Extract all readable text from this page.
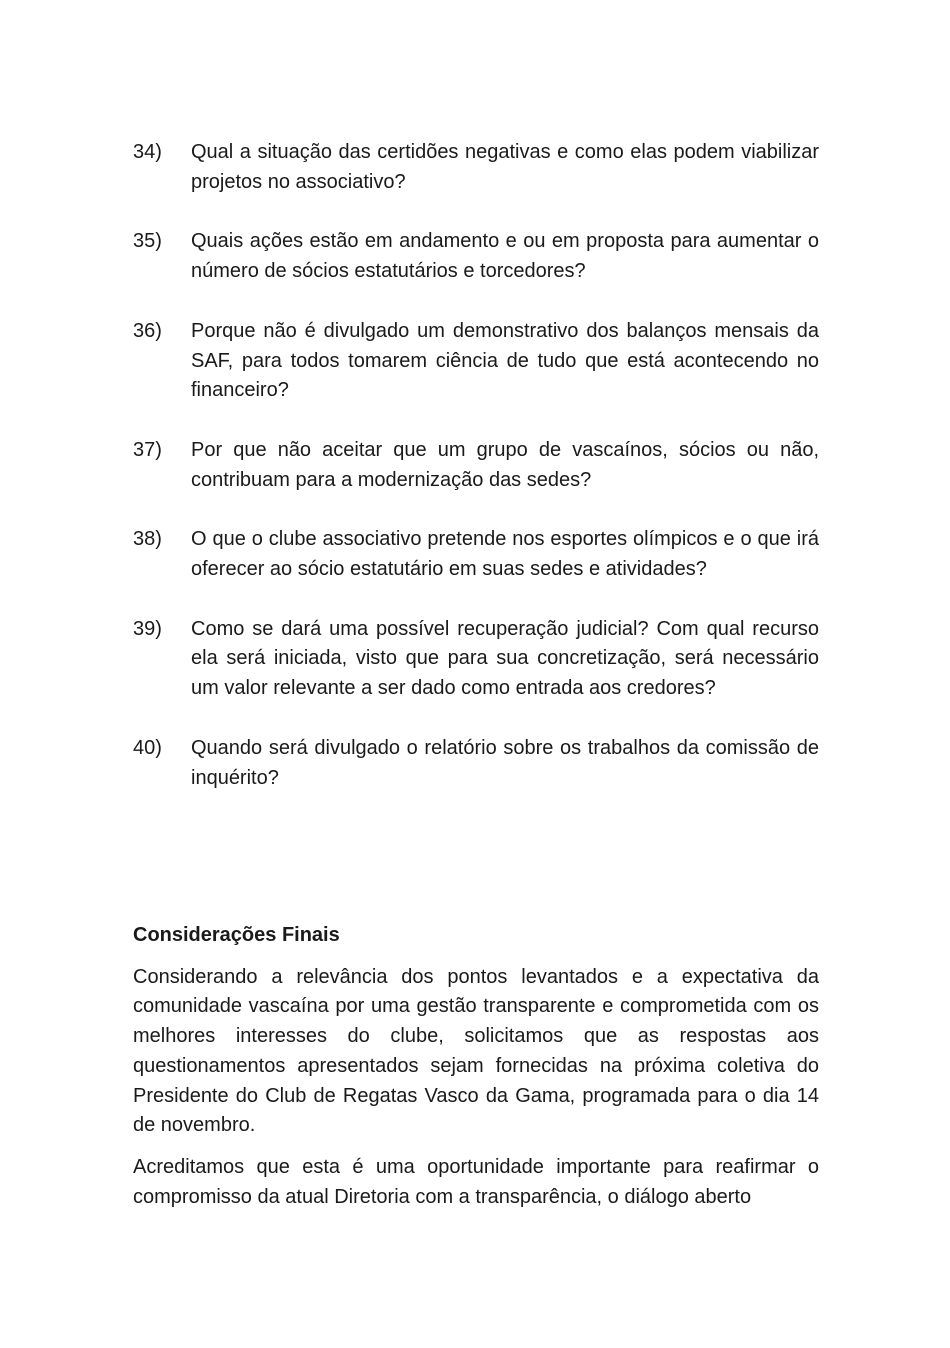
34)	Qual a situação das certidões negativas e como elas podem viabilizar projetos no associativo?
35)	Quais ações estão em andamento e ou em proposta para aumentar o número de sócios estatutários e torcedores?
36)	Porque não é divulgado um demonstrativo dos balanços mensais da SAF, para todos tomarem ciência de tudo que está acontecendo no financeiro?
37)	Por que não aceitar que um grupo de vascaínos, sócios ou não, contribuam para a modernização das sedes?
38)	O que o clube associativo pretende nos esportes olímpicos e o que irá oferecer ao sócio estatutário em suas sedes e atividades?
39)	Como se dará uma possível recuperação judicial? Com qual recurso ela será iniciada, visto que para sua concretização, será necessário um valor relevante a ser dado como entrada aos credores?
40)	Quando será divulgado o relatório sobre os trabalhos da comissão de inquérito?
Considerações Finais

Considerando a relevância dos pontos levantados e a expectativa da comunidade vascaína por uma gestão transparente e comprometida com os melhores interesses do clube, solicitamos que as respostas aos questionamentos apresentados sejam fornecidas na próxima coletiva do Presidente do Club de Regatas Vasco da Gama, programada para o dia 14 de novembro.

Acreditamos que esta é uma oportunidade importante para reafirmar o compromisso da atual Diretoria com a transparência, o diálogo aberto
